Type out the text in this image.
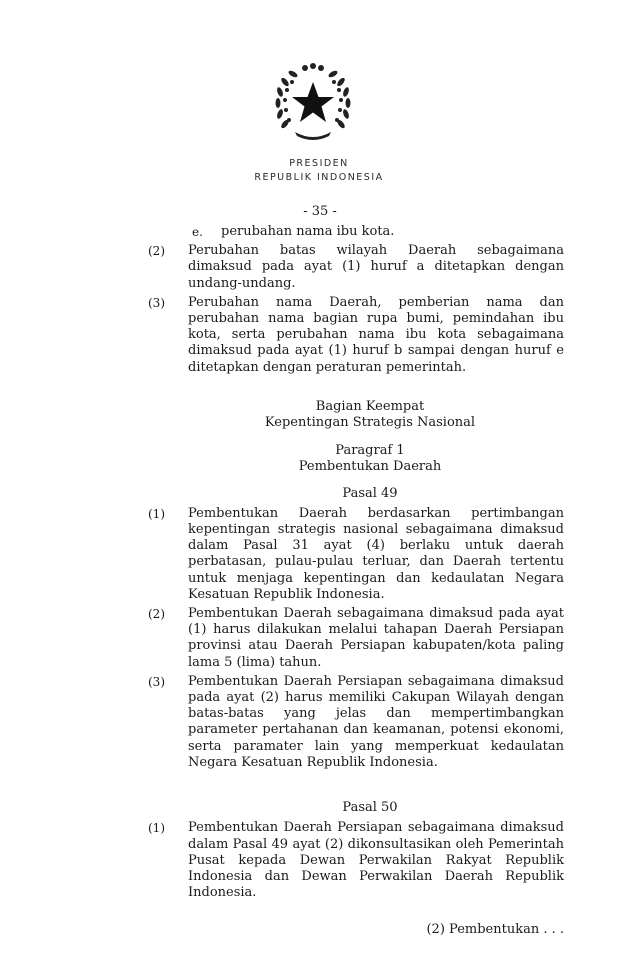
PRESIDEN
REPUBLIK INDONESIA
- 35 -
e. perubahan nama ibu kota.
(2) Perubahan batas wilayah Daerah sebagaimana dimaksud pada ayat (1) huruf a ditetapkan dengan undang-undang.
(3) Perubahan nama Daerah, pemberian nama dan perubahan nama bagian rupa bumi, pemindahan ibu kota, serta perubahan nama ibu kota sebagaimana dimaksud pada ayat (1) huruf b sampai dengan huruf e ditetapkan dengan peraturan pemerintah.
Bagian Keempat
Kepentingan Strategis Nasional
Paragraf 1
Pembentukan Daerah
Pasal 49
(1) Pembentukan Daerah berdasarkan pertimbangan kepentingan strategis nasional sebagaimana dimaksud dalam Pasal 31 ayat (4) berlaku untuk daerah perbatasan, pulau-pulau terluar, dan Daerah tertentu untuk menjaga kepentingan dan kedaulatan Negara Kesatuan Republik Indonesia.
(2) Pembentukan Daerah sebagaimana dimaksud pada ayat (1) harus dilakukan melalui tahapan Daerah Persiapan provinsi atau Daerah Persiapan kabupaten/kota paling lama 5 (lima) tahun.
(3) Pembentukan Daerah Persiapan sebagaimana dimaksud pada ayat (2) harus memiliki Cakupan Wilayah dengan batas-batas yang jelas dan mempertimbangkan parameter pertahanan dan keamanan, potensi ekonomi, serta paramater lain yang memperkuat kedaulatan Negara Kesatuan Republik Indonesia.
Pasal 50
(1) Pembentukan Daerah Persiapan sebagaimana dimaksud dalam Pasal 49 ayat (2) dikonsultasikan oleh Pemerintah Pusat kepada Dewan Perwakilan Rakyat Republik Indonesia dan Dewan Perwakilan Daerah Republik Indonesia.
(2) Pembentukan . . .
